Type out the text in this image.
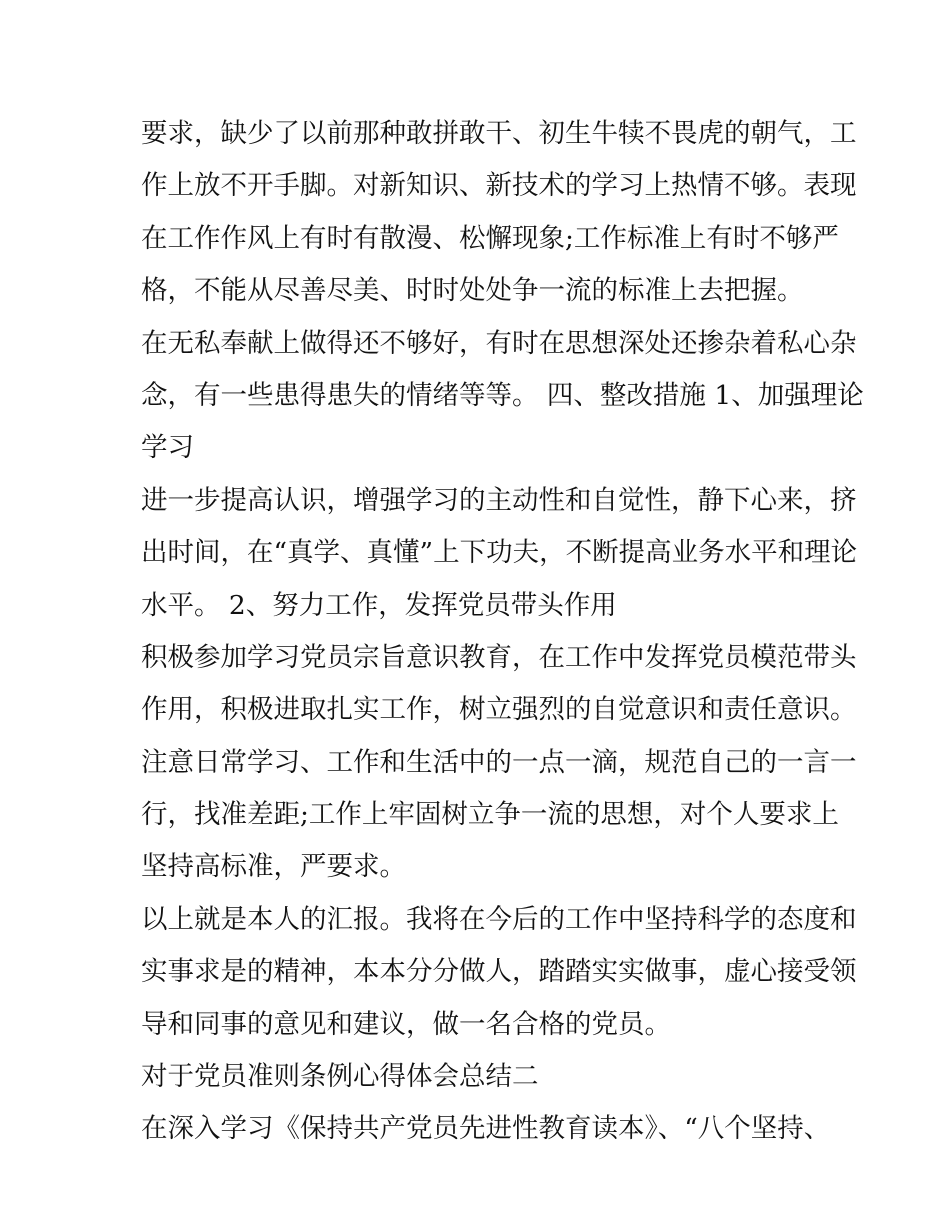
要求，缺少了以前那种敢拼敢干、初生牛犊不畏虎的朝气，工
作上放不开手脚。对新知识、新技术的学习上热情不够。表现
在工作作风上有时有散漫、松懈现象;工作标准上有时不够严
格，不能从尽善尽美、时时处处争一流的标准上去把握。
在无私奉献上做得还不够好，有时在思想深处还掺杂着私心杂
念，有一些患得患失的情绪等等。 四、整改措施 1、加强理论
学习
进一步提高认识，增强学习的主动性和自觉性，静下心来，挤
出时间，在“真学、真懂”上下功夫，不断提高业务水平和理论
水平。 2、努力工作，发挥党员带头作用
积极参加学习党员宗旨意识教育，在工作中发挥党员模范带头
作用，积极进取扎实工作，树立强烈的自觉意识和责任意识。
注意日常学习、工作和生活中的一点一滴，规范自己的一言一
行，找准差距;工作上牢固树立争一流的思想，对个人要求上
坚持高标准，严要求。
以上就是本人的汇报。我将在今后的工作中坚持科学的态度和
实事求是的精神，本本分分做人，踏踏实实做事，虚心接受领
导和同事的意见和建议，做一名合格的党员。
对于党员准则条例心得体会总结二
在深入学习《保持共产党员先进性教育读本》、“八个坚持、
